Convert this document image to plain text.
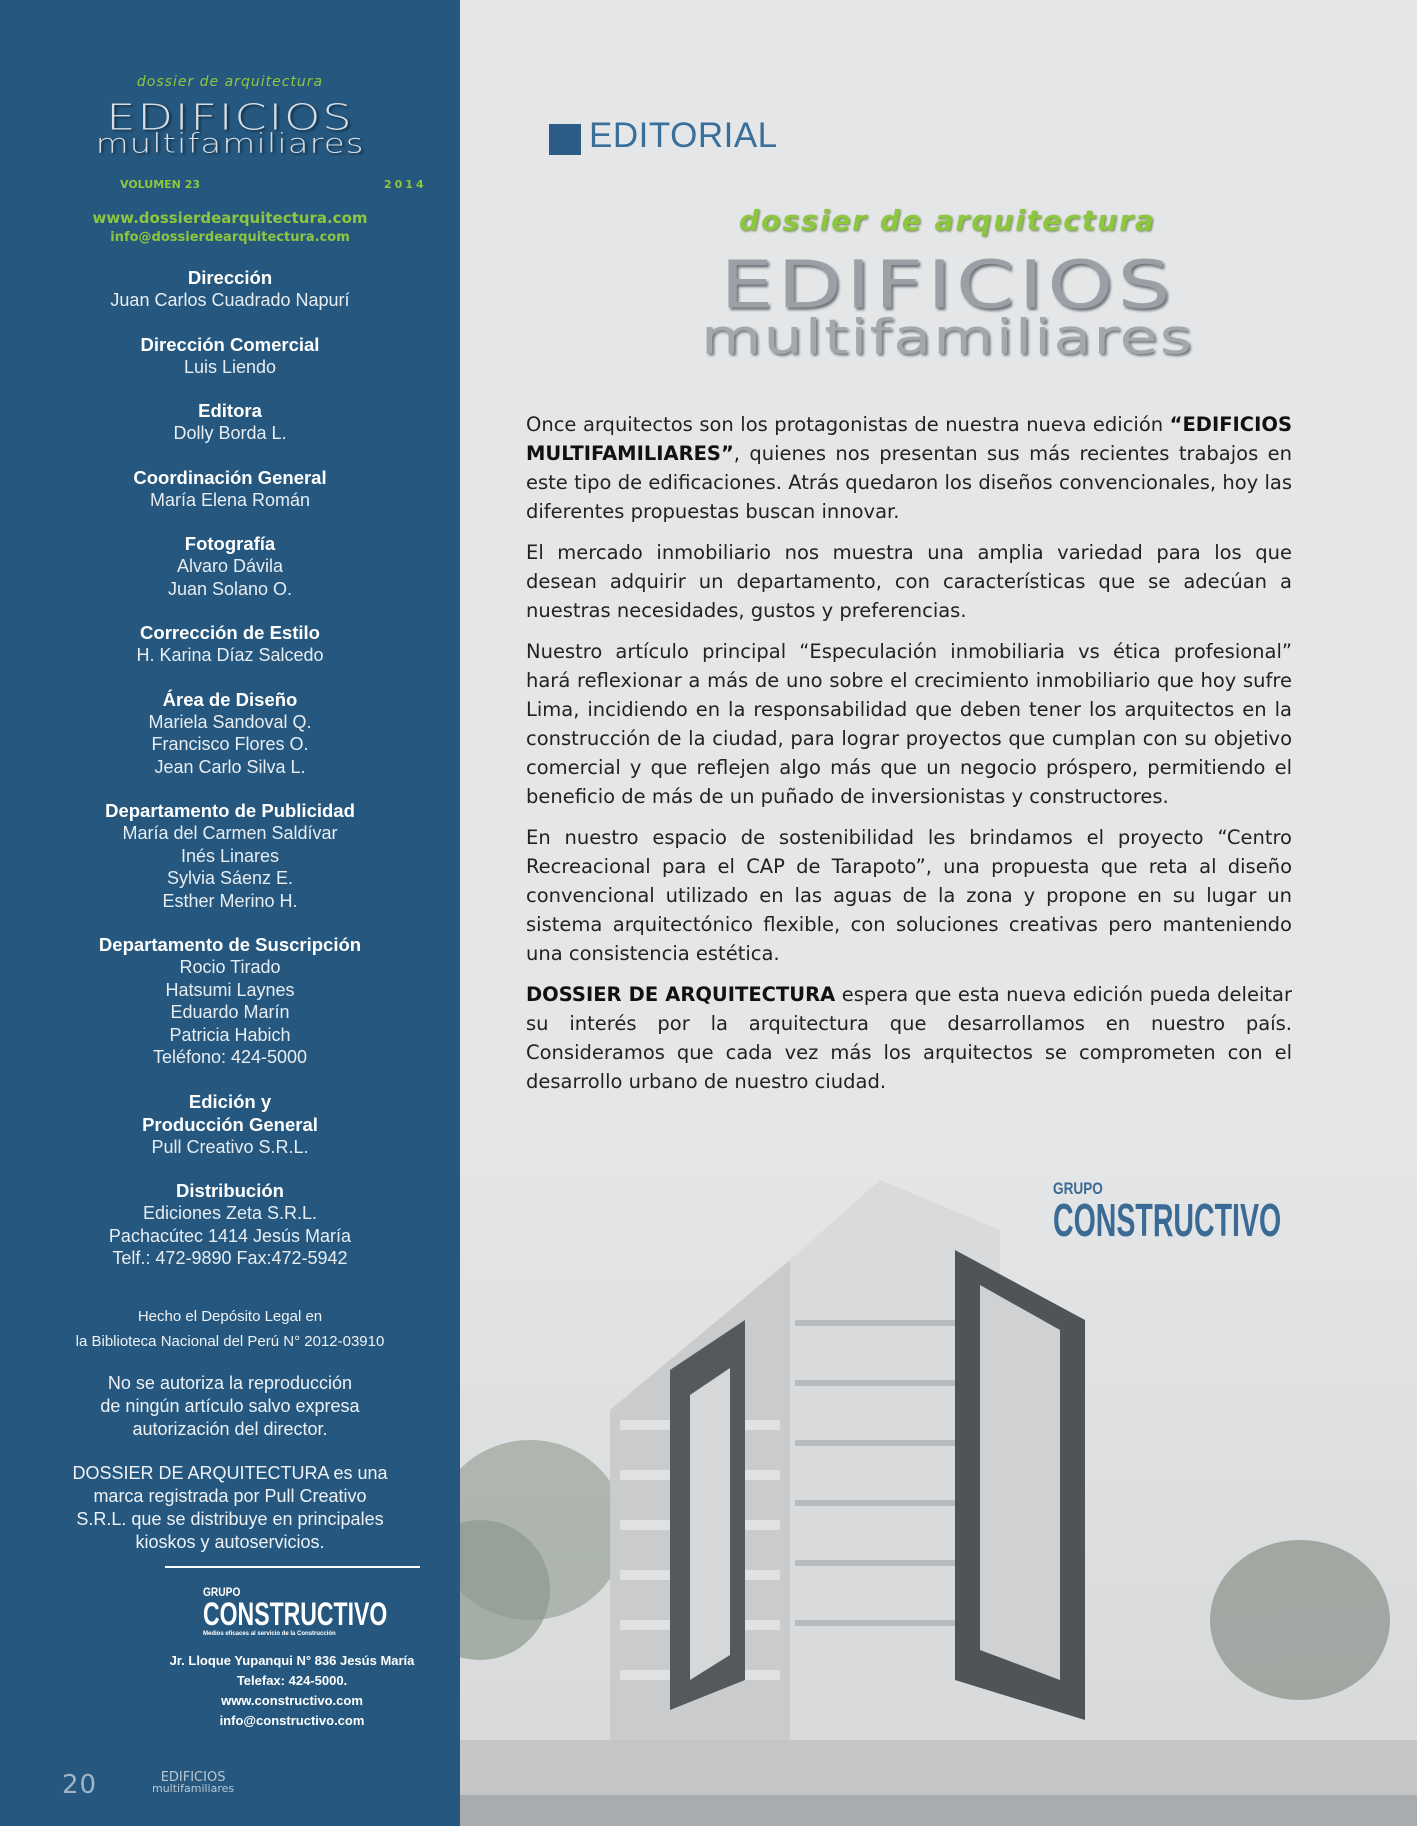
dossier de arquitectura
EDIFICIOS
multifamiliares
VOLUMEN 23	2014
www.dossierdearquitectura.com
info@dossierdearquitectura.com
Dirección
Juan Carlos Cuadrado Napurí
Dirección Comercial
Luis Liendo
Editora
Dolly Borda L.
Coordinación General
María Elena Román
Fotografía
Alvaro Dávila
Juan Solano O.
Corrección de Estilo
H. Karina Díaz Salcedo
Área de Diseño
Mariela Sandoval Q.
Francisco Flores O.
Jean Carlo Silva L.
Departamento de Publicidad
María del Carmen Saldívar
Inés Linares
Sylvia Sáenz E.
Esther Merino H.
Departamento de Suscripción
Rocio Tirado
Hatsumi Laynes
Eduardo Marín
Patricia Habich
Teléfono: 424-5000
Edición y
Producción General
Pull Creativo S.R.L.
Distribución
Ediciones Zeta S.R.L.
Pachacútec 1414 Jesús María
Telf.: 472-9890 Fax:472-5942
Hecho el Depósito Legal en
la Biblioteca Nacional del Perú N° 2012-03910
No se autoriza la reproducción
de ningún artículo salvo expresa
autorización del director.
DOSSIER DE ARQUITECTURA es una
marca registrada por Pull Creativo
S.R.L. que se distribuye en principales
kioskos y autoservicios.
GRUPO
CONSTRUCTIVO
Medios eficaces al servicio de la Construcción
Jr. Lloque Yupanqui N° 836 Jesús María
Telefax: 424-5000.
www.constructivo.com
info@constructivo.com
20	EDIFICIOS
multifamiliares
EDITORIAL
dossier de arquitectura
EDIFICIOS
multifamiliares

Once arquitectos son los protagonistas de nuestra nueva edición “EDIFICIOS MULTIFAMILIARES”, quienes nos presentan sus más recientes trabajos en este tipo de edificaciones. Atrás quedaron los diseños convencionales, hoy las diferentes propuestas buscan innovar.

El mercado inmobiliario nos muestra una amplia variedad para los que desean adquirir un departamento, con características que se adecúan a nuestras necesidades, gustos y preferencias.

Nuestro artículo principal “Especulación inmobiliaria vs ética profesional” hará reflexionar a más de uno sobre el crecimiento inmobiliario que hoy sufre Lima, incidiendo en la responsabilidad que deben tener los arquitectos en la construcción de la ciudad, para lograr proyectos que cumplan con su objetivo comercial y que reflejen algo más que un negocio próspero, permitiendo el beneficio de más de un puñado de inversionistas y constructores.

En nuestro espacio de sostenibilidad les brindamos el proyecto “Centro Recreacional para el CAP de Tarapoto”, una propuesta que reta al diseño convencional utilizado en las aguas de la zona y propone en su lugar un sistema arquitectónico flexible, con soluciones creativas pero manteniendo una consistencia estética.

DOSSIER DE ARQUITECTURA espera que esta nueva edición pueda deleitar su interés por la arquitectura que desarrollamos en nuestro país. Consideramos que cada vez más los arquitectos se comprometen con el desarrollo urbano de nuestro ciudad.

GRUPO
CONSTRUCTIVO
